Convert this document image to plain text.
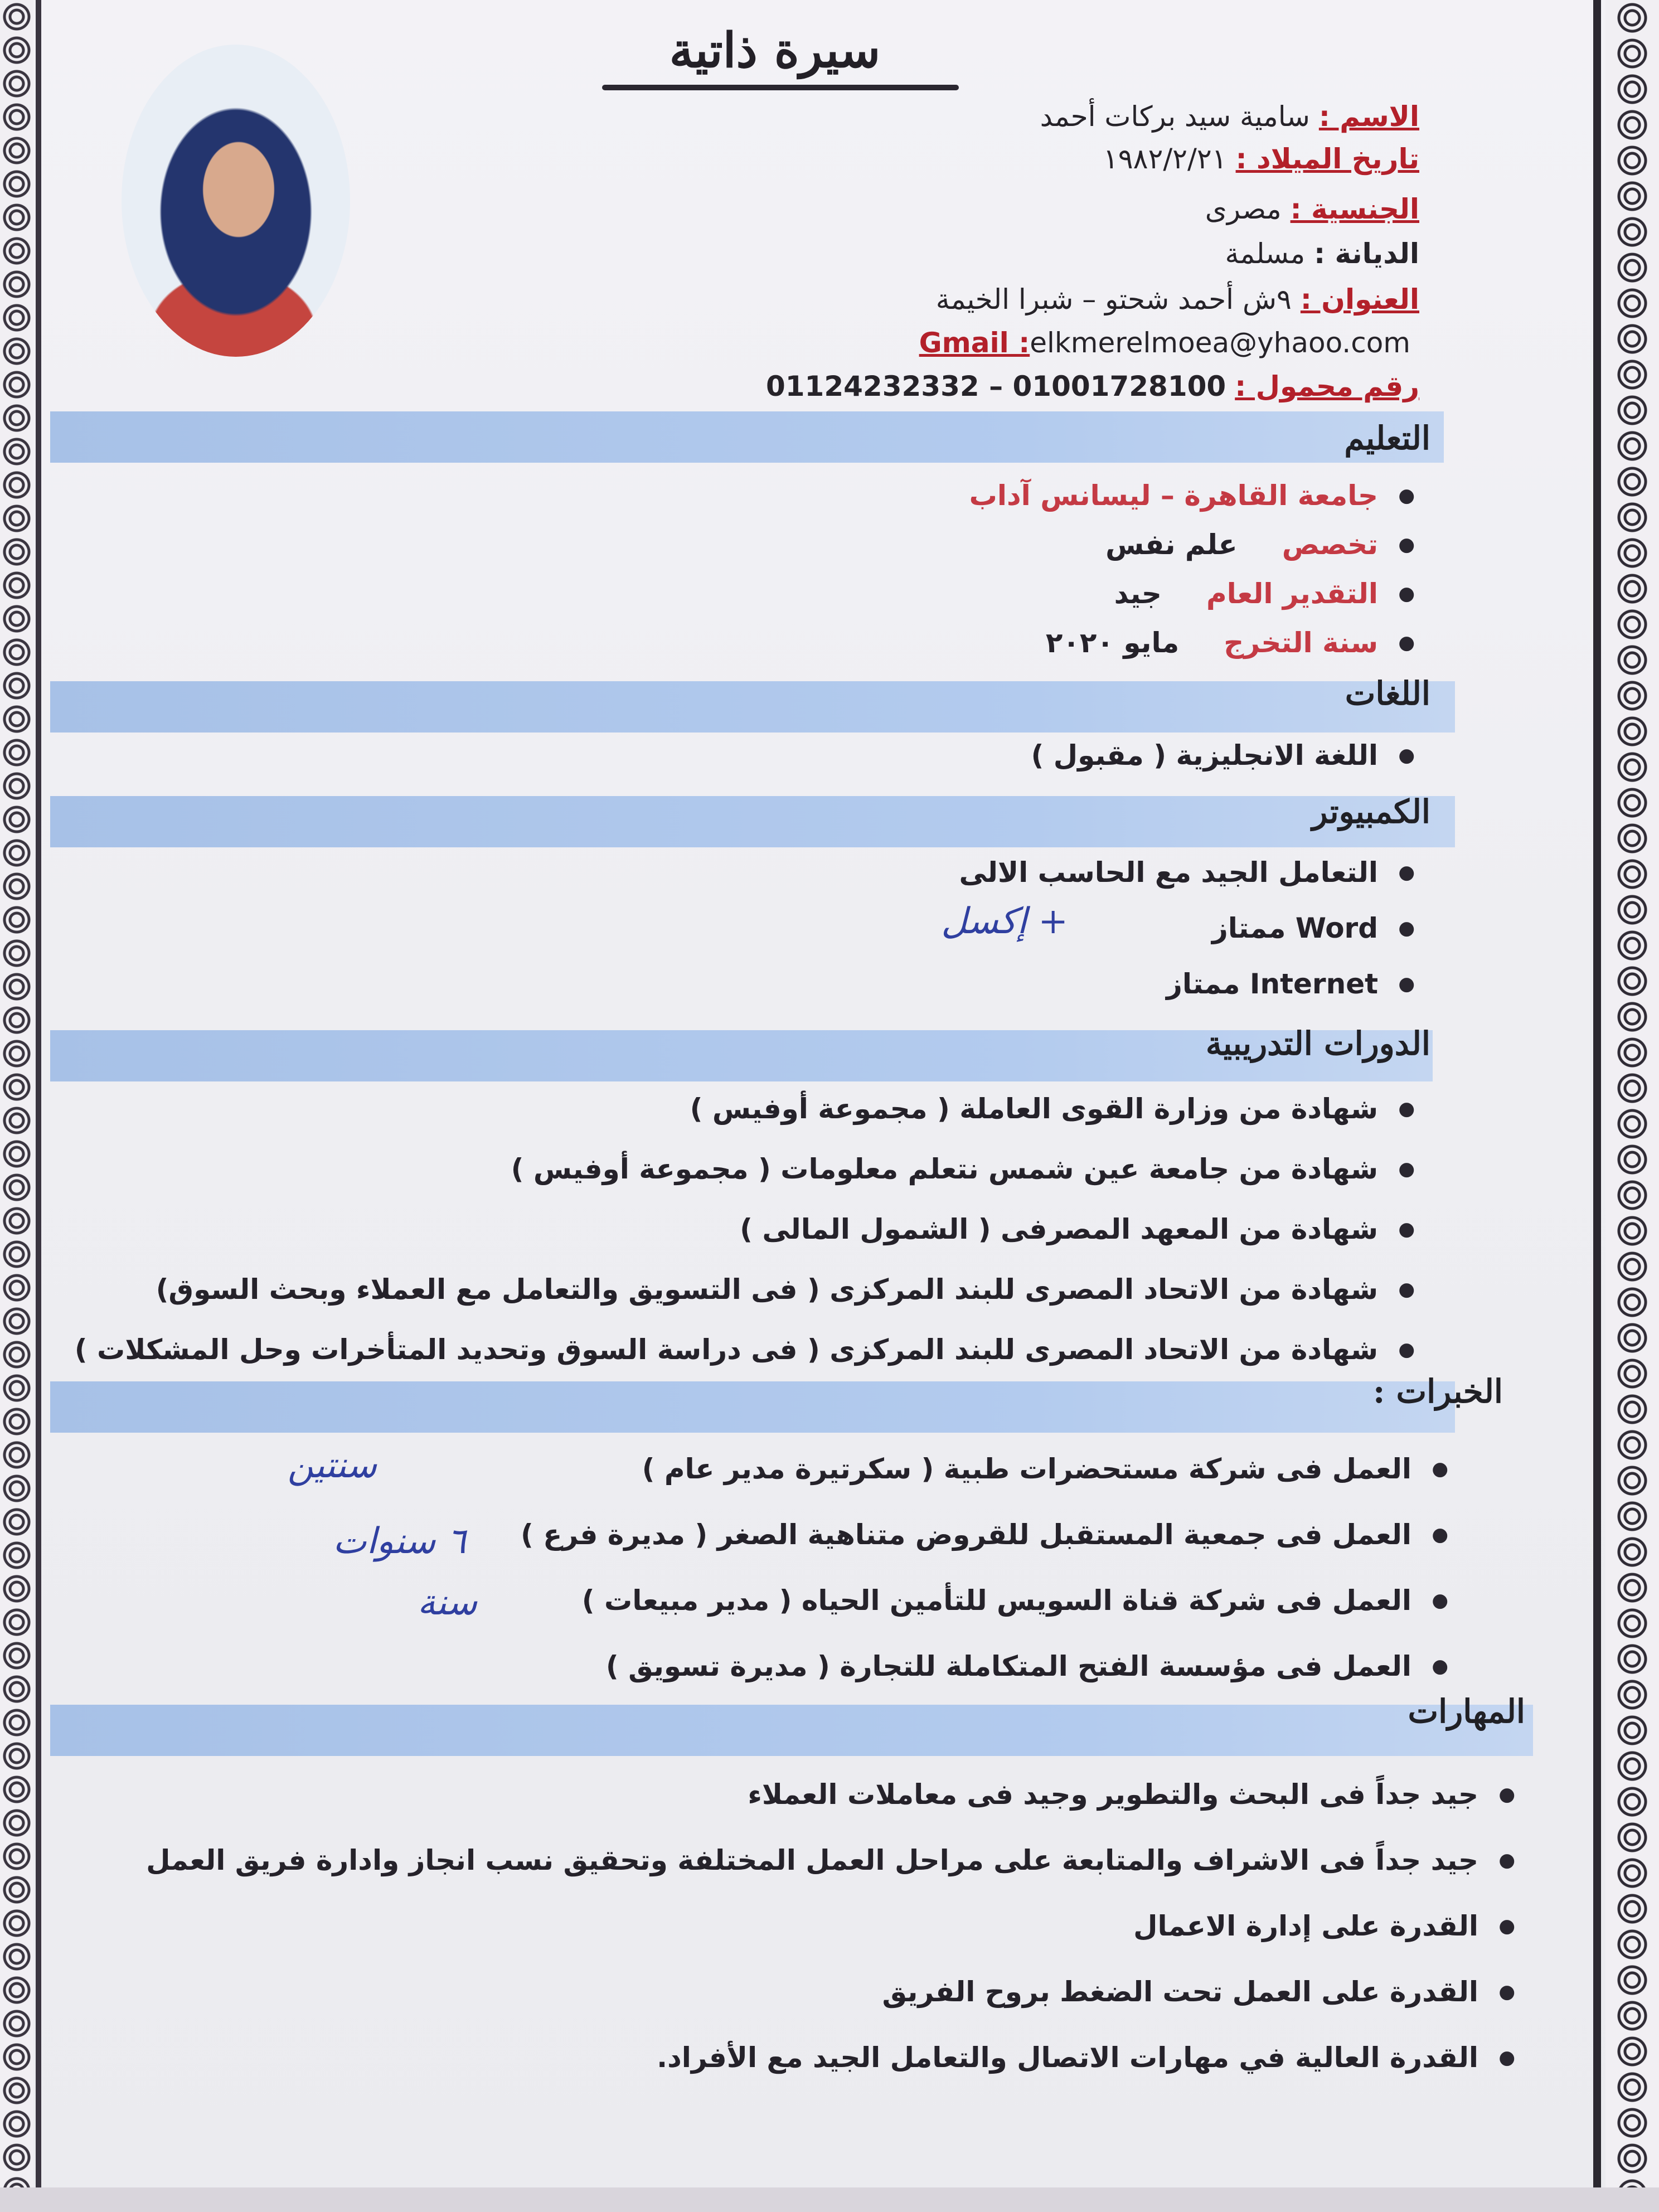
سيرة ذاتية
الاسم :سامية سيد بركات أحمد
تاريخ الميلاد :١٩٨٢/٢/٢١
الجنسية :مصرى
الديانة :مسلمة
العنوان :٩ش أحمد شحتو – شبرا الخيمة
Gmail :elkmerelmoea@yhaoo.com
رقم محمول :01001728100 – 01124232332
التعليم
● جامعة القاهرة – ليسانس آداب
● تخصصعلم نفس
● التقدير العامجيد
● سنة التخرجمايو ٢٠٢٠
اللغات
● اللغة الانجليزية ( مقبول )
الكمبيوتر
● التعامل الجيد مع الحاسب الالى
● Word ممتاز
● Internet ممتاز
+ إكسل
الدورات التدريبية
● شهادة من وزارة القوى العاملة ( مجموعة أوفيس )
● شهادة من جامعة عين شمس نتعلم معلومات ( مجموعة أوفيس )
● شهادة من المعهد المصرفى ( الشمول المالى )
● شهادة من الاتحاد المصرى للبند المركزى ( فى التسويق والتعامل مع العملاء وبحث السوق)
● شهادة من الاتحاد المصرى للبند المركزى ( فى دراسة السوق وتحديد المتأخرات وحل المشكلات )
الخبرات :
● العمل فى شركة مستحضرات طبية ( سكرتيرة مدير عام )
● العمل فى جمعية المستقبل للقروض متناهية الصغر ( مديرة فرع )
● العمل فى شركة قناة السويس للتأمين الحياه ( مدير مبيعات )
● العمل فى مؤسسة الفتح المتكاملة للتجارة ( مديرة تسويق )
سنتين
٦ سنوات
سنة
المهارات
● جيد جداً فى البحث والتطوير وجيد فى معاملات العملاء
● جيد جداً فى الاشراف والمتابعة على مراحل العمل المختلفة وتحقيق نسب انجاز وادارة فريق العمل
● القدرة على إدارة الاعمال
● القدرة على العمل تحت الضغط بروح الفريق
● القدرة العالية في مهارات الاتصال والتعامل الجيد مع الأفراد.
